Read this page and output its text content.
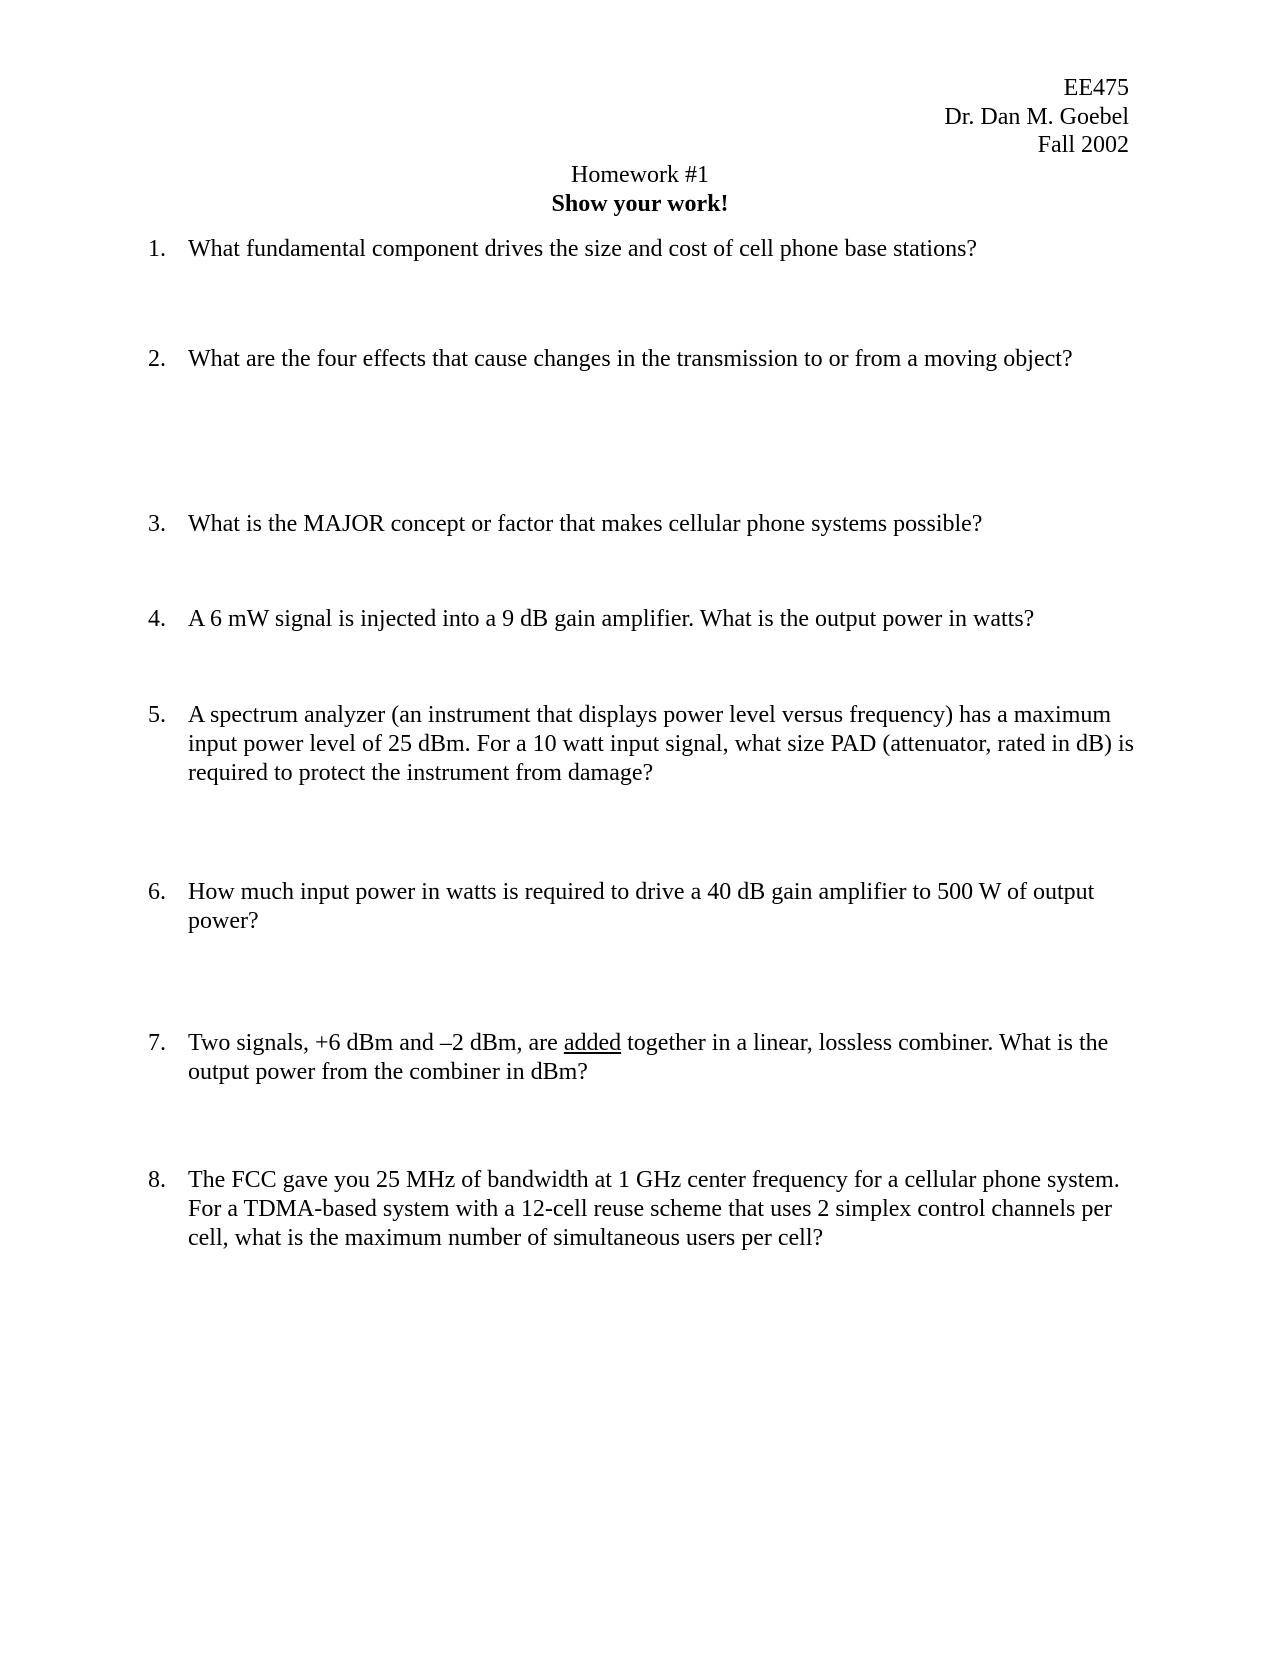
EE475
Dr. Dan M. Goebel
Fall 2002
Homework #1
Show your work!
1. What fundamental component drives the size and cost of cell phone base stations?
2. What are the four effects that cause changes in the transmission to or from a moving object?
3. What is the MAJOR concept or factor that makes cellular phone systems possible?
4. A 6 mW signal is injected into a 9 dB gain amplifier. What is the output power in watts?
5. A spectrum analyzer (an instrument that displays power level versus frequency) has a maximum input power level of 25 dBm. For a 10 watt input signal, what size PAD (attenuator, rated in dB) is required to protect the instrument from damage?
6. How much input power in watts is required to drive a 40 dB gain amplifier to 500 W of output power?
7. Two signals, +6 dBm and –2 dBm, are added together in a linear, lossless combiner. What is the output power from the combiner in dBm?
8. The FCC gave you 25 MHz of bandwidth at 1 GHz center frequency for a cellular phone system. For a TDMA-based system with a 12-cell reuse scheme that uses 2 simplex control channels per cell, what is the maximum number of simultaneous users per cell?
